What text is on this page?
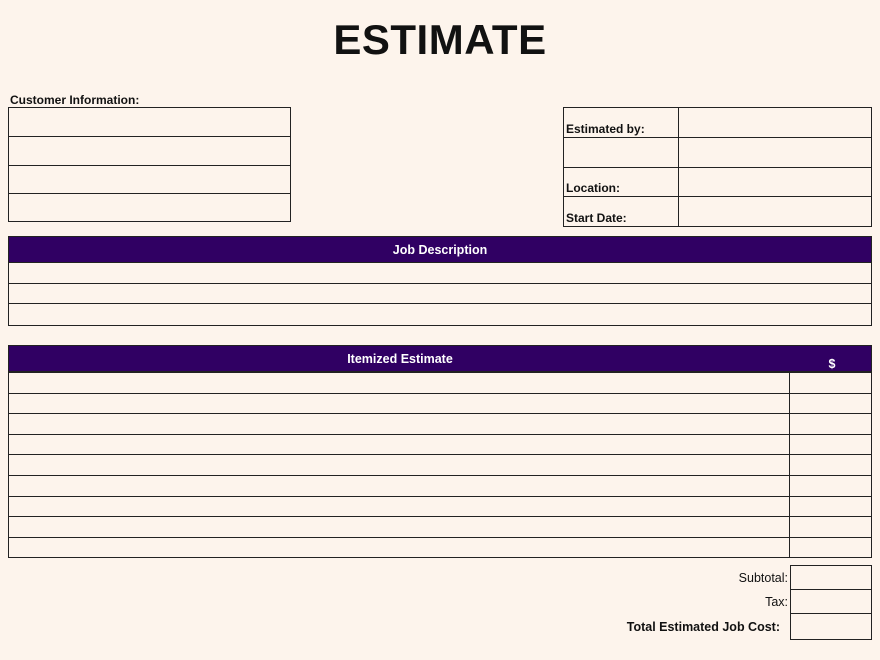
ESTIMATE
Customer Information:
Estimated by:	

Location:	
Start Date:	
Job Description
Itemized Estimate	$

Subtotal:	
Tax:	
Total Estimated Job Cost:	
